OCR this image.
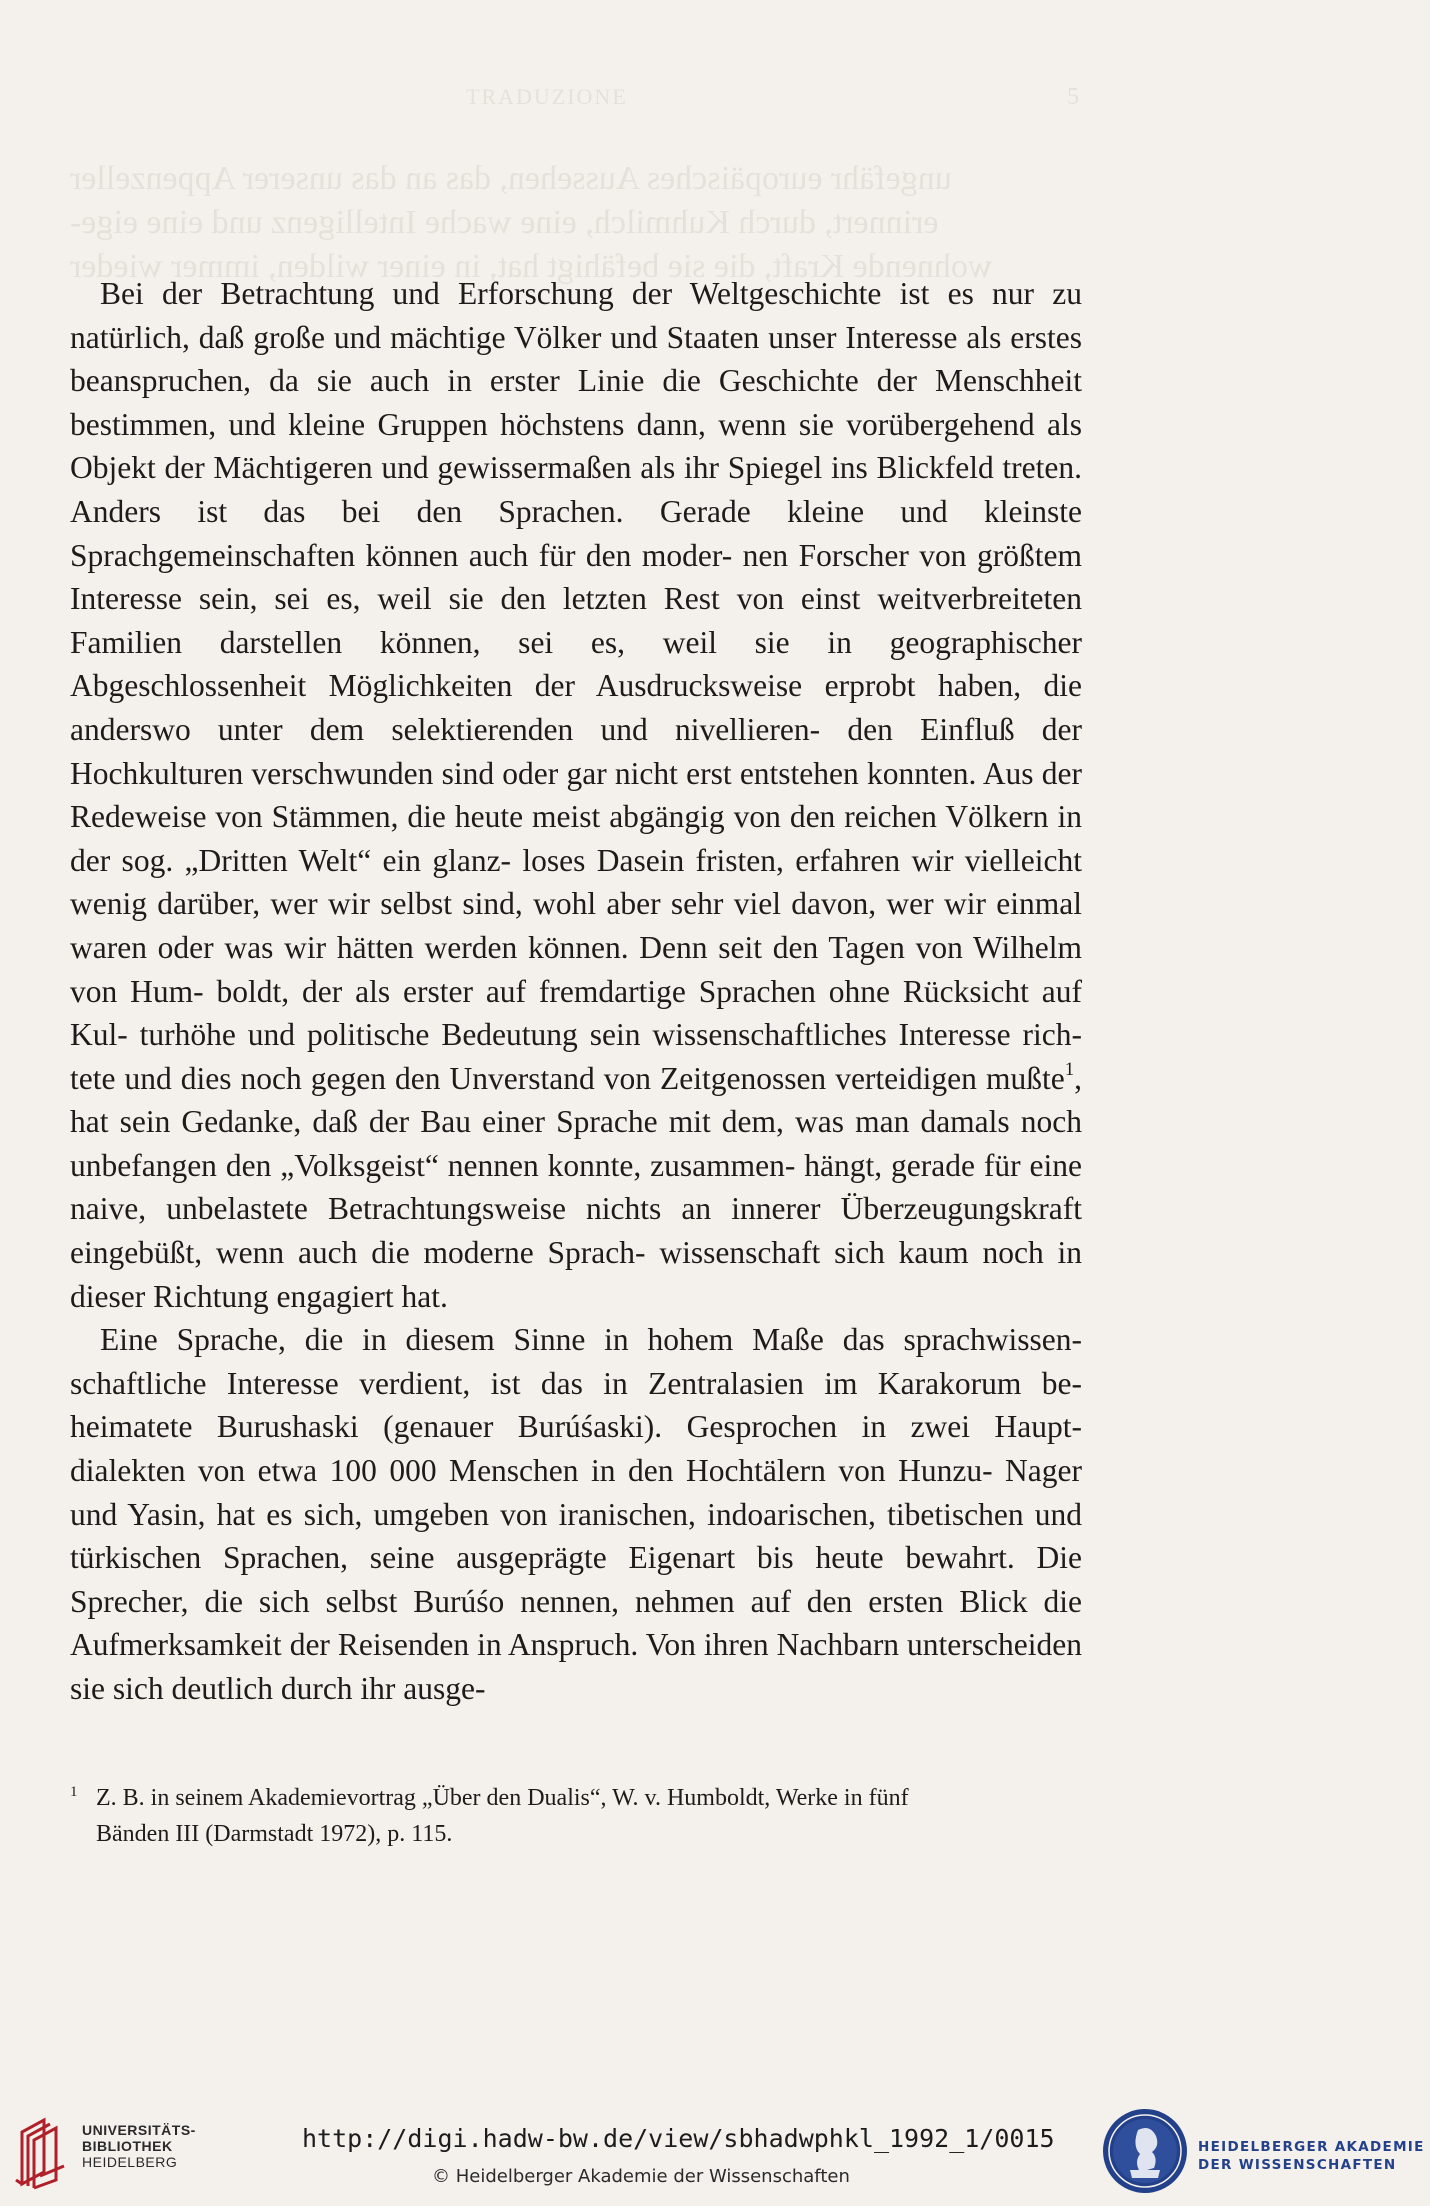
TRADUZIONE	5
ungefähr europäisches Aussehen, das an das unserer Appenzeller
erinnert, durch Kuhmilch, eine wache Intelligenz und eine eige-
wohnende Kraft, die sie befähigt hat, in einer wilden, immer wieder

Bei der Betrachtung und Erforschung der Weltgeschichte ist es nur zu natürlich, daß große und mächtige Völker und Staaten unser Interesse als erstes beanspruchen, da sie auch in erster Linie die Geschichte der Menschheit bestimmen, und kleine Gruppen höchstens dann, wenn sie vorübergehend als Objekt der Mächtigeren und gewissermaßen als ihr Spiegel ins Blickfeld treten. Anders ist das bei den Sprachen. Gerade kleine und kleinste Sprachgemeinschaften können auch für den moder- nen Forscher von größtem Interesse sein, sei es, weil sie den letzten Rest von einst weitverbreiteten Familien darstellen können, sei es, weil sie in geographischer Abgeschlossenheit Möglichkeiten der Ausdrucksweise erprobt haben, die anderswo unter dem selektierenden und nivellieren- den Einfluß der Hochkulturen verschwunden sind oder gar nicht erst entstehen konnten. Aus der Redeweise von Stämmen, die heute meist abgängig von den reichen Völkern in der sog. „Dritten Welt“ ein glanz- loses Dasein fristen, erfahren wir vielleicht wenig darüber, wer wir selbst sind, wohl aber sehr viel davon, wer wir einmal waren oder was wir hätten werden können. Denn seit den Tagen von Wilhelm von Hum- boldt, der als erster auf fremdartige Sprachen ohne Rücksicht auf Kul- turhöhe und politische Bedeutung sein wissenschaftliches Interesse rich- tete und dies noch gegen den Unverstand von Zeitgenossen verteidigen mußte$^1$, hat sein Gedanke, daß der Bau einer Sprache mit dem, was man damals noch unbefangen den „Volksgeist“ nennen konnte, zusammen- hängt, gerade für eine naive, unbelastete Betrachtungsweise nichts an innerer Überzeugungskraft eingebüßt, wenn auch die moderne Sprach- wissenschaft sich kaum noch in dieser Richtung engagiert hat.

Eine Sprache, die in diesem Sinne in hohem Maße das sprachwissen- schaftliche Interesse verdient, ist das in Zentralasien im Karakorum be- heimatete Burushaski (genauer Burúśaski). Gesprochen in zwei Haupt- dialekten von etwa 100 000 Menschen in den Hochtälern von Hunzu- Nager und Yasin, hat es sich, umgeben von iranischen, indoarischen, tibetischen und türkischen Sprachen, seine ausgeprägte Eigenart bis heute bewahrt. Die Sprecher, die sich selbst Burúśo nennen, nehmen auf den ersten Blick die Aufmerksamkeit der Reisenden in Anspruch. Von ihren Nachbarn unterscheiden sie sich deutlich durch ihr ausge-

1 Z. B. in seinem Akademievortrag „Über den Dualis“, W. v. Humboldt, Werke in fünf
Bänden III (Darmstadt 1972), p. 115.
UNIVERSITÄTS-
BIBLIOTHEK
HEIDELBERG
http://digi.hadw-bw.de/view/sbhadwphkl_1992_1/0015
© Heidelberger Akademie der Wissenschaften
HEIDELBERGER AKADEMIE
DER WISSENSCHAFTEN
